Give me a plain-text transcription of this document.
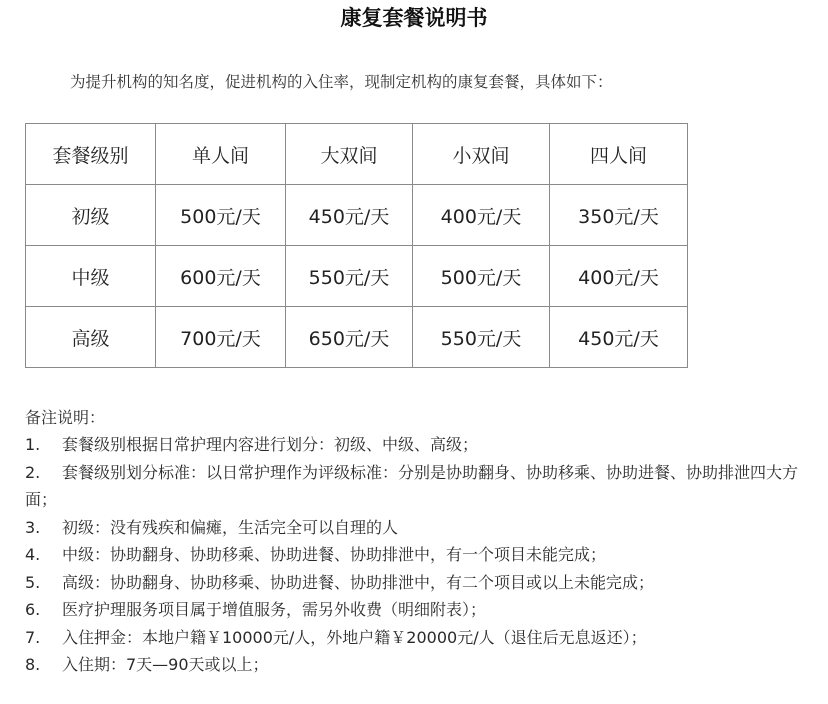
康复套餐说明书
为提升机构的知名度，促进机构的入住率，现制定机构的康复套餐，具体如下：
套餐级别	单人间	大双间	小双间	四人间
初级	500元/天	450元/天	400元/天	350元/天
中级	600元/天	550元/天	500元/天	400元/天
高级	700元/天	650元/天	550元/天	450元/天
备注说明：
1.	套餐级别根据日常护理内容进行划分：初级、中级、高级；
2. 套餐级别划分标准：以日常护理作为评级标准：分别是协助翻身、协助移乘、协助进餐、协助排泄四大方面；
3.	初级：没有残疾和偏瘫，生活完全可以自理的人
4.	中级：协助翻身、协助移乘、协助进餐、协助排泄中，有一个项目未能完成；
5.	高级：协助翻身、协助移乘、协助进餐、协助排泄中，有二个项目或以上未能完成；
6.	医疗护理服务项目属于增值服务，需另外收费（明细附表）；
7.	入住押金：本地户籍￥10000元/人，外地户籍￥20000元/人（退住后无息返还）；
8.	入住期：7天—90天或以上；
